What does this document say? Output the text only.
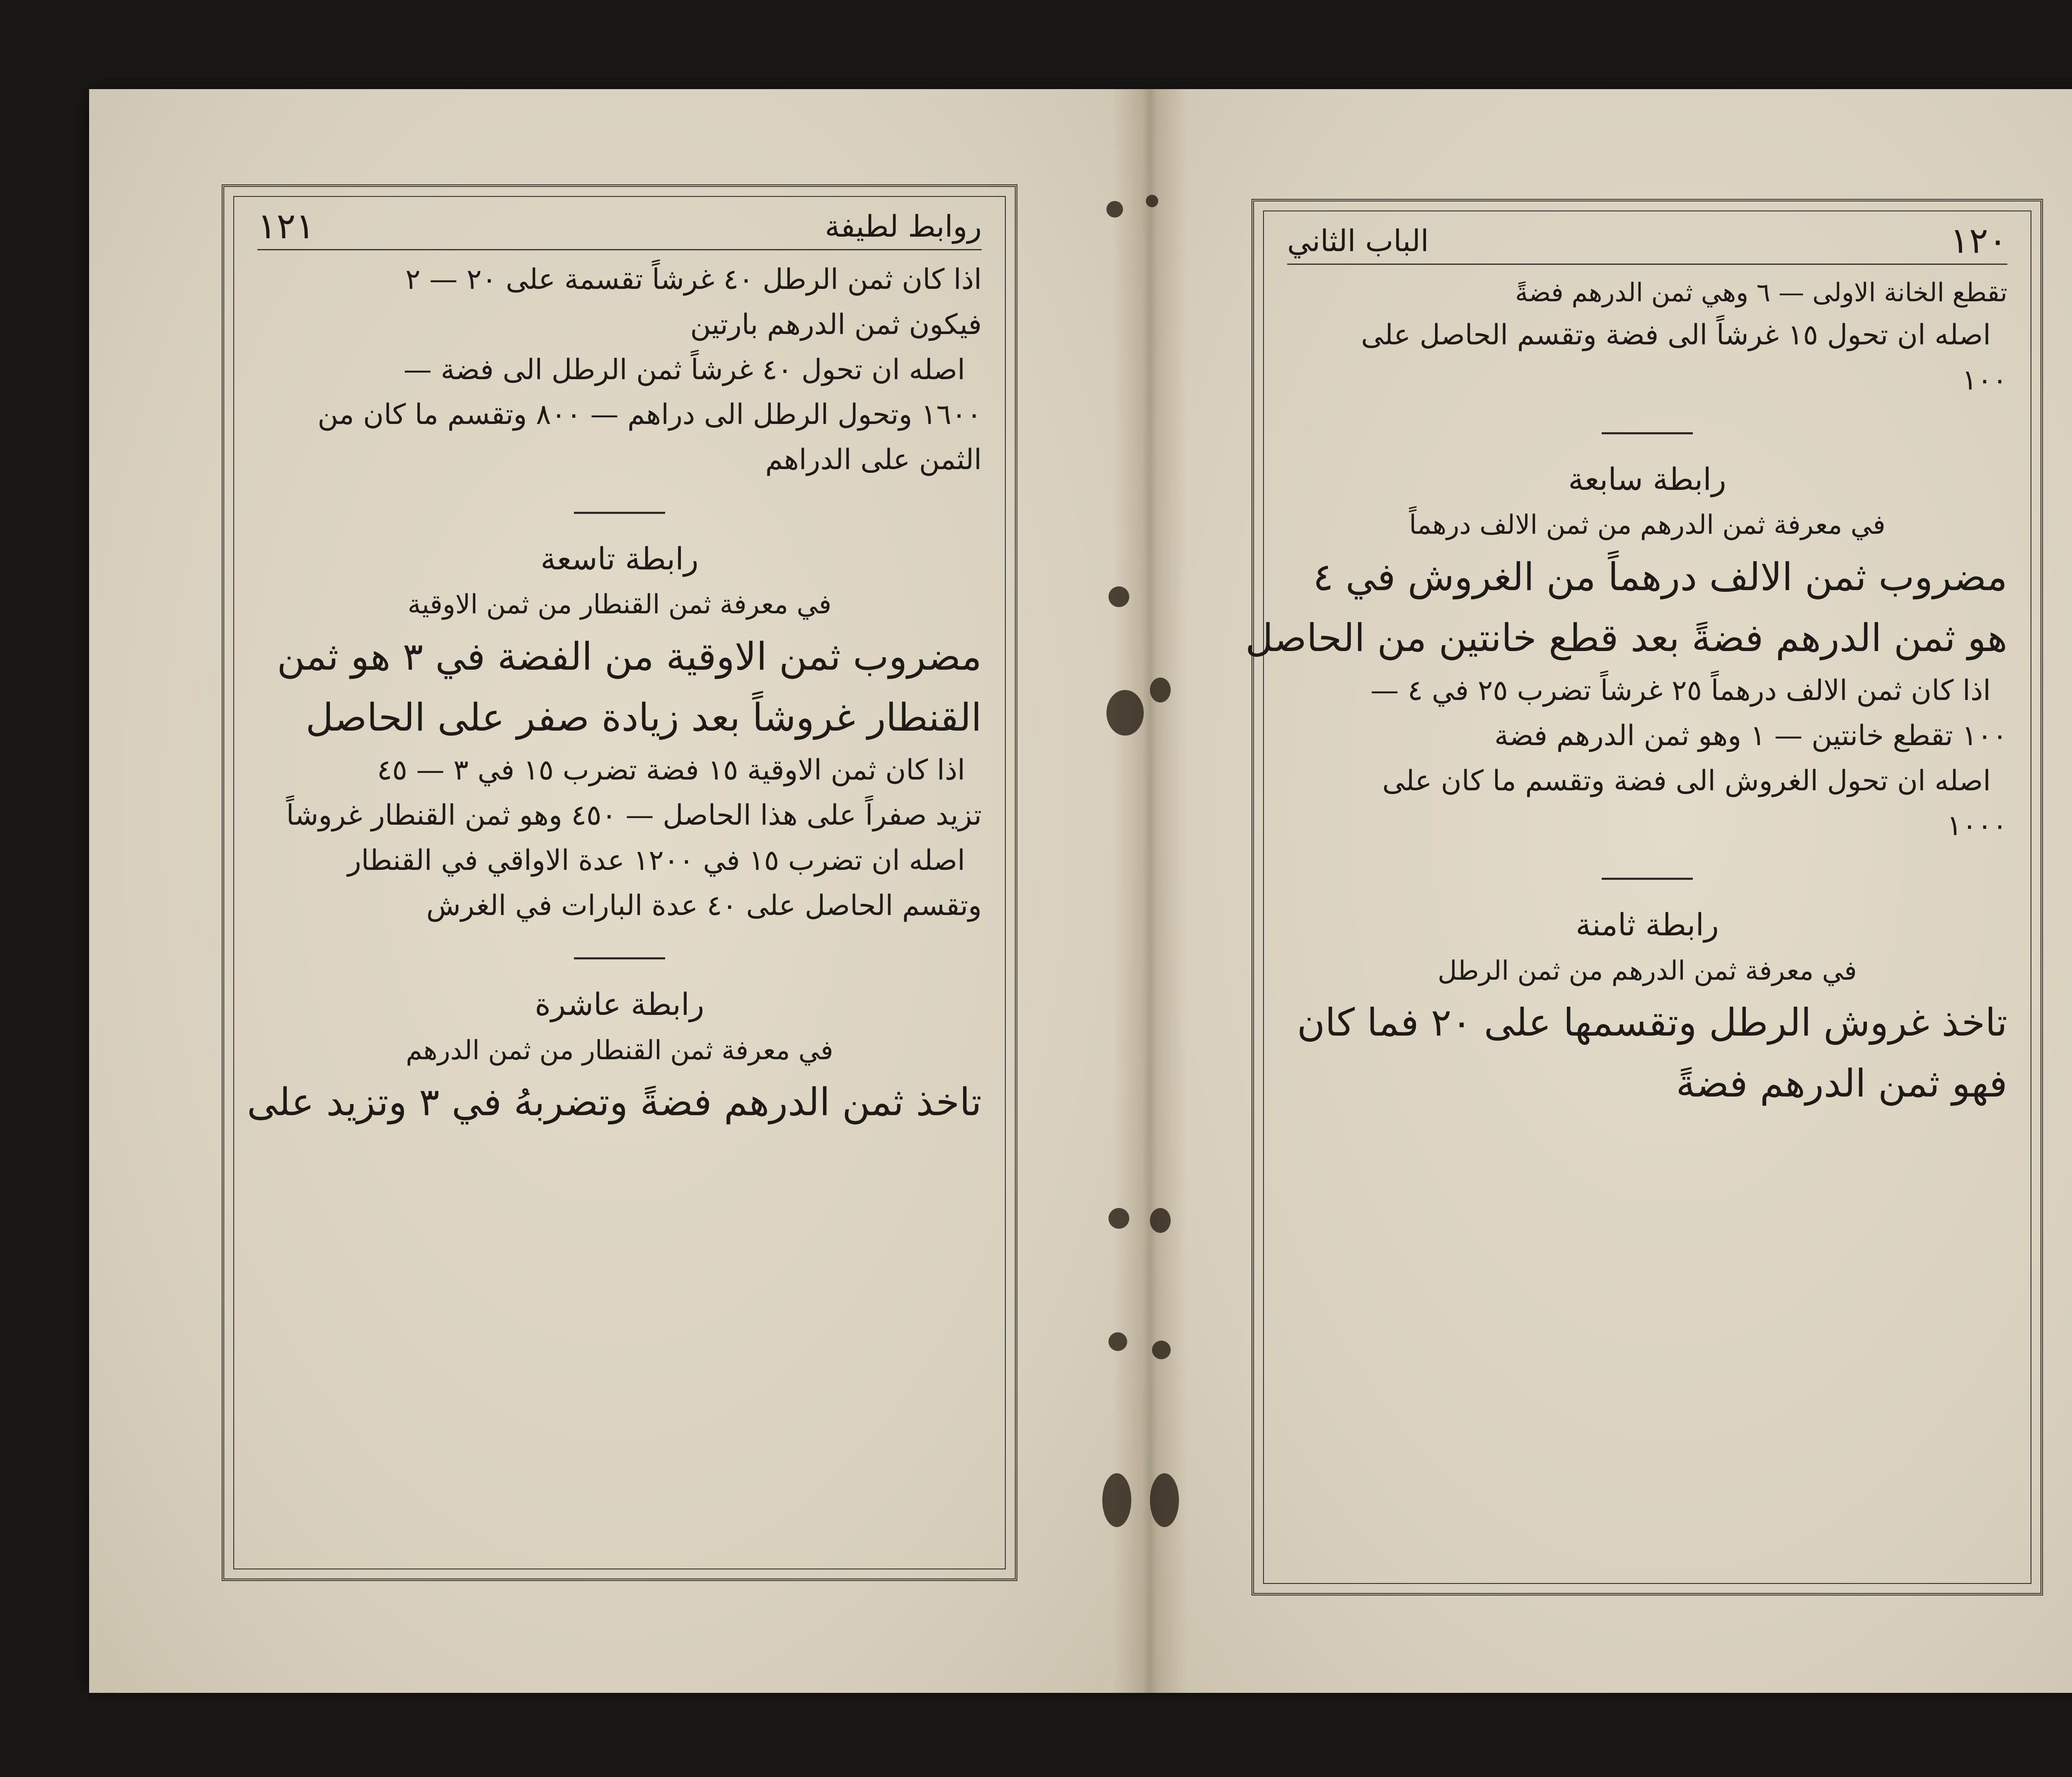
روابط لطيفة
١٢١

اذا كان ثمن الرطل ٤٠ غرشاً تقسمة على ٢٠ — ٢

فيكون ثمن الدرهم بارتين

اصله ان تحول ٤٠ غرشاً ثمن الرطل الى فضة —

١٦٠٠ وتحول الرطل الى دراهم — ٨٠٠ وتقسم ما كان من

الثمن على الدراهم

رابطة تاسعة

في معرفة ثمن القنطار من ثمن الاوقية

مضروب ثمن الاوقية من الفضة في ٣ هو ثمن

القنطار غروشاً بعد زيادة صفر على الحاصل

اذا كان ثمن الاوقية ١٥ فضة تضرب ١٥ في ٣ — ٤٥

تزيد صفراً على هذا الحاصل — ٤٥٠ وهو ثمن القنطار غروشاً

اصله ان تضرب ١٥ في ١٢٠٠ عدة الاواقي في القنطار

وتقسم الحاصل على ٤٠ عدة البارات في الغرش

رابطة عاشرة

في معرفة ثمن القنطار من ثمن الدرهم

تاخذ ثمن الدرهم فضةً وتضربهُ في ٣ وتزيد على

١٢٠
الباب الثاني

تقطع الخانة الاولى — ٦ وهي ثمن الدرهم فضةً

اصله ان تحول ١٥ غرشاً الى فضة وتقسم الحاصل على

١٠٠

رابطة سابعة

في معرفة ثمن الدرهم من ثمن الالف درهماً

مضروب ثمن الالف درهماً من الغروش في ٤

هو ثمن الدرهم فضةً بعد قطع خانتين من الحاصل

اذا كان ثمن الالف درهماً ٢٥ غرشاً تضرب ٢٥ في ٤ —

١٠٠ تقطع خانتين — ١ وهو ثمن الدرهم فضة

اصله ان تحول الغروش الى فضة وتقسم ما كان على

١٠٠٠

رابطة ثامنة

في معرفة ثمن الدرهم من ثمن الرطل

تاخذ غروش الرطل وتقسمها على ٢٠ فما كان

فهو ثمن الدرهم فضةً
